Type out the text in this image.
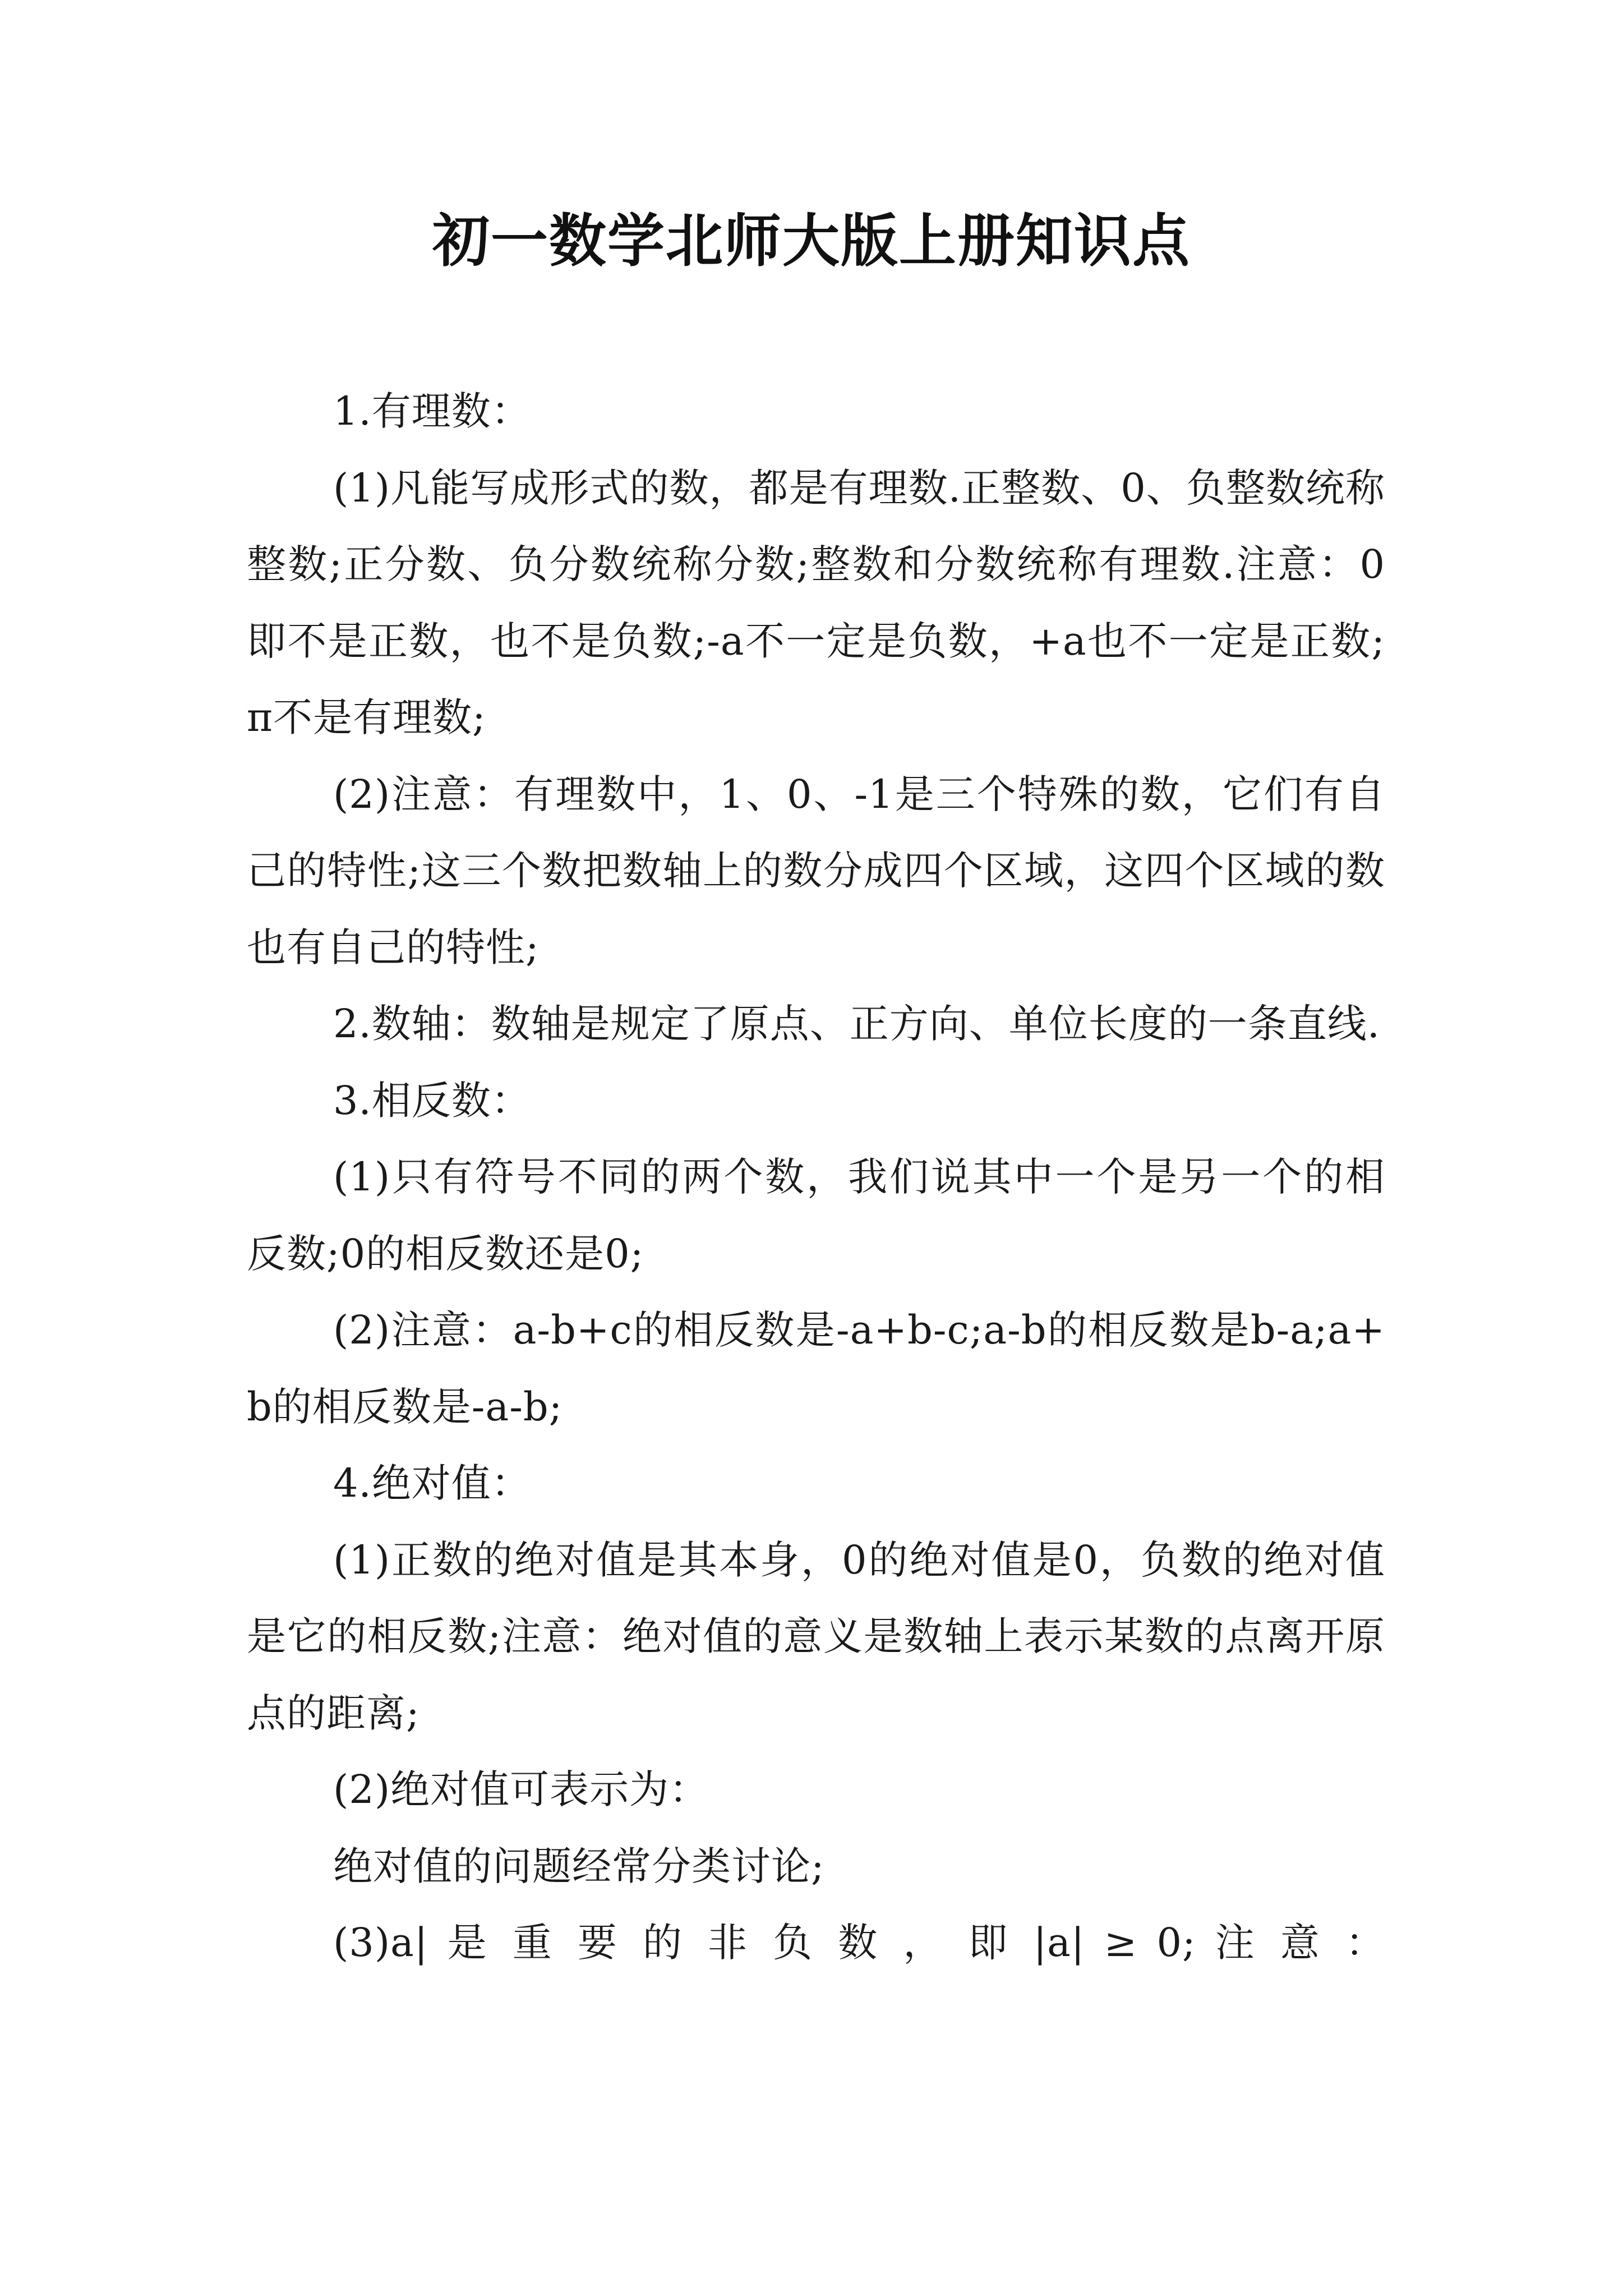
初一数学北师大版上册知识点

1.有理数：

(1)凡能写成形式的数，都是有理数.正整数、0、负整数统称整数;正分数、负分数统称分数;整数和分数统称有理数.注意：0即不是正数，也不是负数;-a不一定是负数，+a也不一定是正数;π不是有理数;

(2)注意：有理数中，1、0、-1是三个特殊的数，它们有自己的特性;这三个数把数轴上的数分成四个区域，这四个区域的数也有自己的特性;

2.数轴：数轴是规定了原点、正方向、单位长度的一条直线.

3.相反数：

(1)只有符号不同的两个数，我们说其中一个是另一个的相反数;0的相反数还是0;

(2)注意：a-b+c的相反数是-a+b-c;a-b的相反数是b-a;a+b的相反数是-a-b;

4.绝对值：

(1)正数的绝对值是其本身，0的绝对值是0，负数的绝对值是它的相反数;注意：绝对值的意义是数轴上表示某数的点离开原点的距离;

(2)绝对值可表示为：

绝对值的问题经常分类讨论;

(3)a| 是 重 要 的 非 负 数 ， 即 |a| ≥ 0; 注 意 ：
